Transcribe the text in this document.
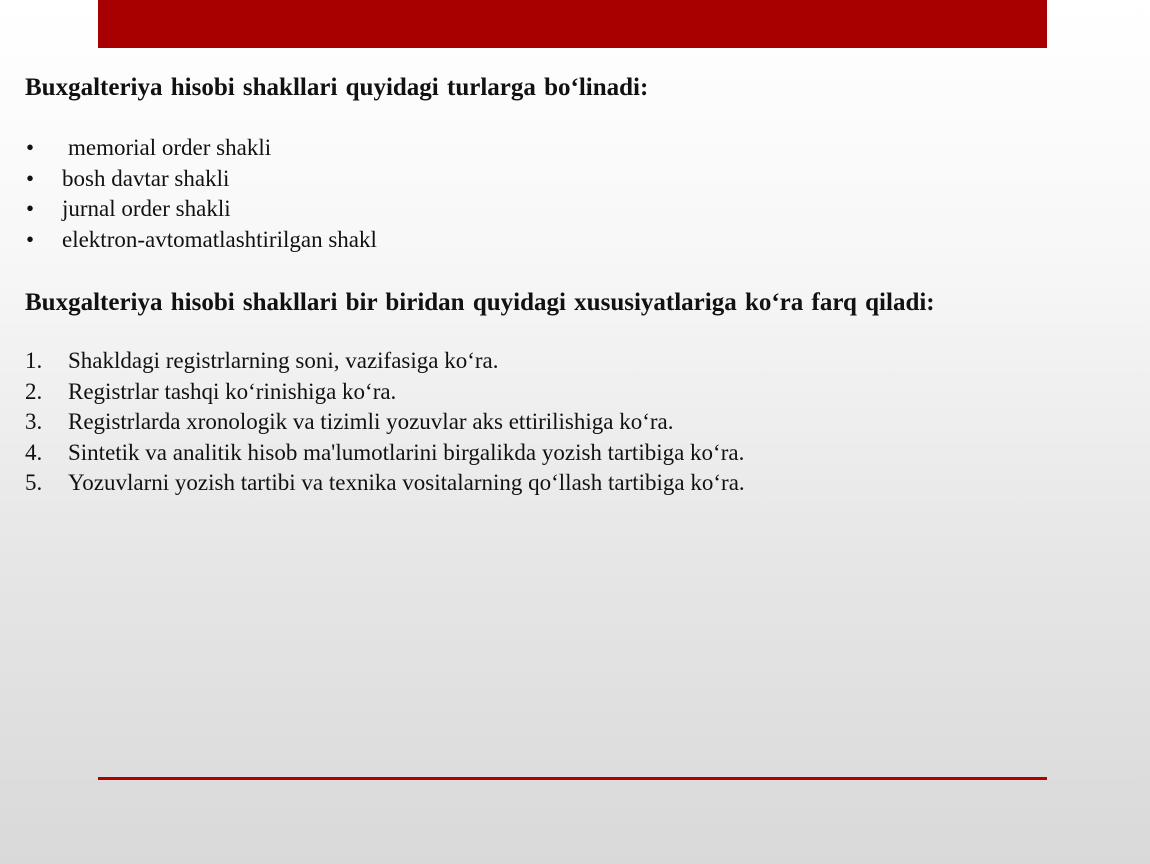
Buxgalteriya hisobi shakllari quyidagi turlarga bo‘linadi:
•	memorial order shakli
•	bosh davtar shakli
•	jurnal order shakli
•	elektron-avtomatlashtirilgan shakl
Buxgalteriya hisobi shakllari bir biridan quyidagi xususiyatlariga ko‘ra farq qiladi:
1.	Shakldagi registrlarning soni, vazifasiga ko‘ra.
2.	Registrlar tashqi ko‘rinishiga ko‘ra.
3.	Registrlarda xronologik va tizimli yozuvlar aks ettirilishiga ko‘ra.
4.	Sintetik va analitik hisob ma'lumotlarini birgalikda yozish tartibiga ko‘ra.
5.	Yozuvlarni yozish tartibi va texnika vositalarning qo‘llash tartibiga ko‘ra.
